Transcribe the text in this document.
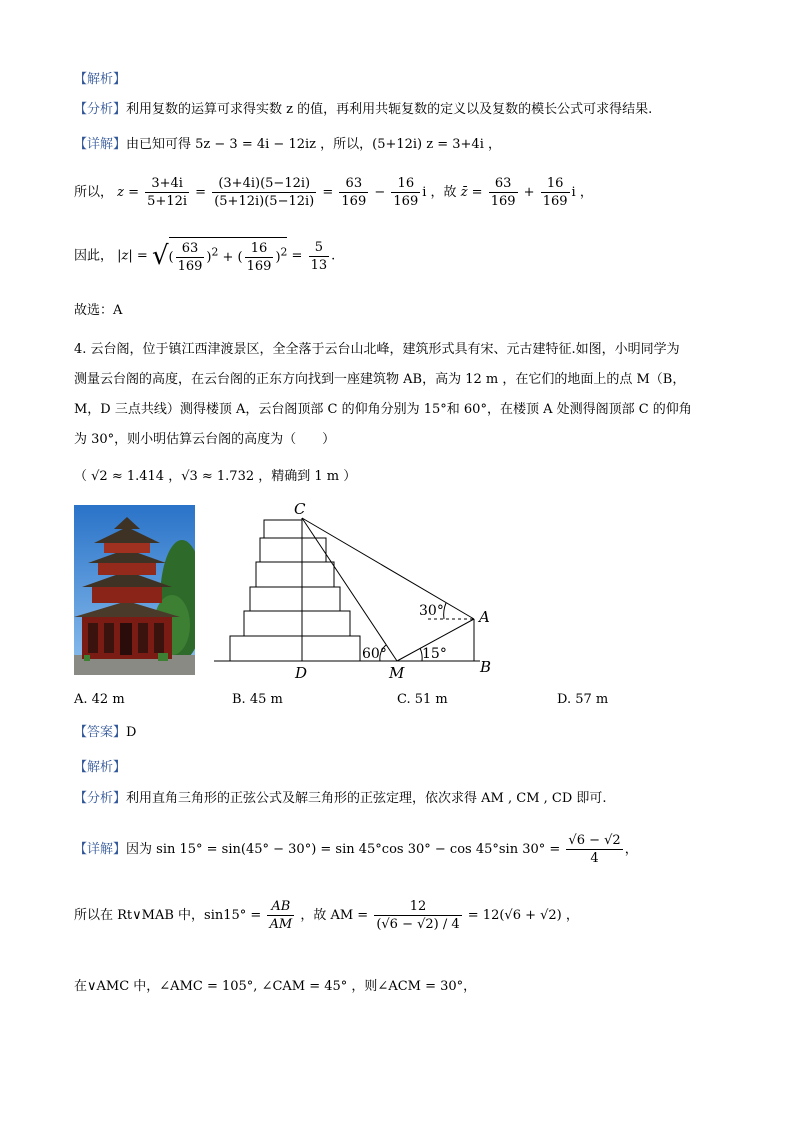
【解析】
【分析】利用复数的运算可求得实数 z 的值，再利用共轭复数的定义以及复数的模长公式可求得结果.
【详解】由已知可得 5z − 3 = 4i − 12iz ，所以，(5+12i) z = 3+4i ，
所以， $z = \frac{3+4i}{5+12i} = \frac{(3+4i)(5-12i)}{(5+12i)(5-12i)} = \frac{63}{169} - \frac{16}{169}$ i ，故 z̄ = $\frac{63}{169} + \frac{16}{169}$ i ，
因此， |z| = √( $\frac{63}{169} )^2$ + ( $\frac{16}{169} )^2 = \frac{5}{13}$ .
故选：A
4. 云台阁，位于镇江西津渡景区，全全落于云台山北峰，建筑形式具有宋、元古建特征.如图，小明同学为
测量云台阁的高度，在云台阁的正东方向找到一座建筑物 AB，高为 12 m ，在它们的地面上的点 M（B，
M，D 三点共线）测得楼顶 A，云台阁顶部 C 的仰角分别为 15°和 60°，在楼顶 A 处测得阁顶部 C 的仰角
为 30°，则小明估算云台阁的高度为（　　）
（ √2 ≈ 1.414 ，√3 ≈ 1.732 ，精确到 1 m ）
C
A
B
D	M
30°
60°	15°
A. 42 m	B. 45 m	C. 51 m	D. 57 m
【答案】D
【解析】
【分析】利用直角三角形的正弦公式及解三角形的正弦定理，依次求得 AM , CM , CD 即可.
【详解】因为 sin 15° = sin(45° − 30°) = sin 45°cos 30° − cos 45°sin $30^\circ = \frac{√6 - √2}{4}$ ，
所以在 Rt∨MAB 中，$\sin 15^\circ = \frac{AB}{AM}$ ，故 AM = $\frac{12}{(√6 - √2) / 4} = 12(√6 + √2)$ ，
在∨AMC 中，∠AMC = 105°, ∠CAM = 45° ，则∠ACM = 30°，
